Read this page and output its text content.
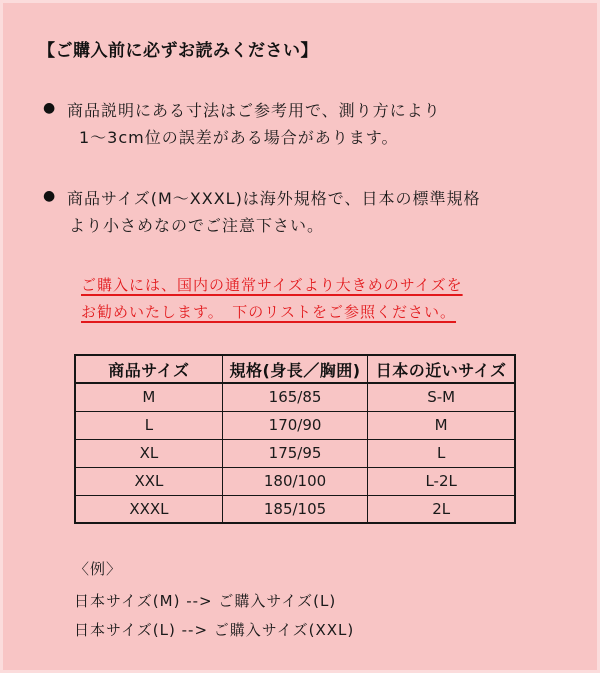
【ご購入前に必ずお読みください】
● 商品説明にある寸法はご参考用で、測り方により
1～3cm位の誤差がある場合があります。
● 商品サイズ(M～XXXL)は海外規格で、日本の標準規格
より小さめなのでご注意下さい。
ご購入には、国内の通常サイズより大きめのサイズを
お勧めいたします。　下のリストをご参照ください。
商品サイズ	規格(身長／胸囲)	日本の近いサイズ
M	165/85	S-M
L	170/90	M
XL	175/95	L
XXL	180/100	L-2L
XXXL	185/105	2L
〈例〉
日本サイズ(M) --> ご購入サイズ(L)
日本サイズ(L) --> ご購入サイズ(XXL)
